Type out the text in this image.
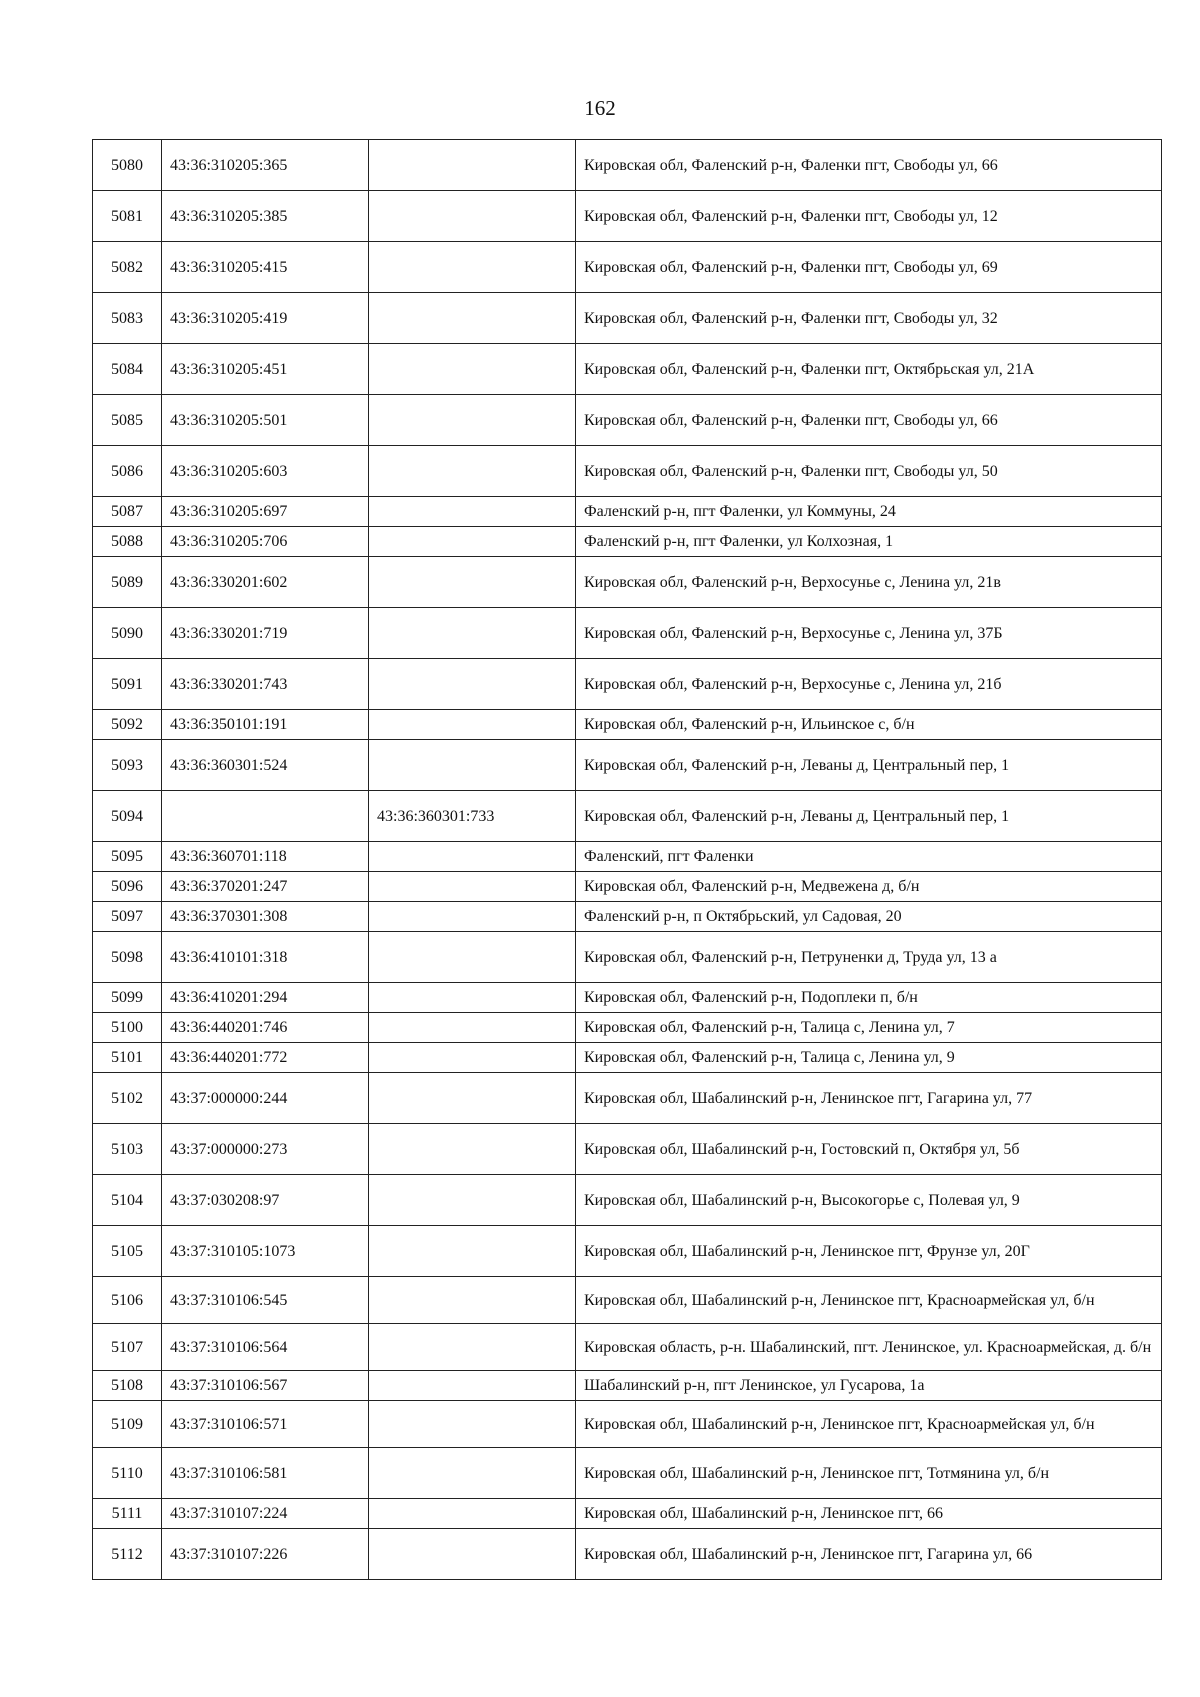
162
5080	43:36:310205:365		Кировская обл, Фаленский р-н, Фаленки пгт, Свободы ул, 66
5081	43:36:310205:385		Кировская обл, Фаленский р-н, Фаленки пгт, Свободы ул, 12
5082	43:36:310205:415		Кировская обл, Фаленский р-н, Фаленки пгт, Свободы ул, 69
5083	43:36:310205:419		Кировская обл, Фаленский р-н, Фаленки пгт, Свободы ул, 32
5084	43:36:310205:451		Кировская обл, Фаленский р-н, Фаленки пгт, Октябрьская ул, 21А
5085	43:36:310205:501		Кировская обл, Фаленский р-н, Фаленки пгт, Свободы ул, 66
5086	43:36:310205:603		Кировская обл, Фаленский р-н, Фаленки пгт, Свободы ул, 50
5087	43:36:310205:697		Фаленский р-н, пгт Фаленки, ул Коммуны, 24
5088	43:36:310205:706		Фаленский р-н, пгт Фаленки, ул Колхозная, 1
5089	43:36:330201:602		Кировская обл, Фаленский р-н, Верхосунье с, Ленина ул, 21в
5090	43:36:330201:719		Кировская обл, Фаленский р-н, Верхосунье с, Ленина ул, 37Б
5091	43:36:330201:743		Кировская обл, Фаленский р-н, Верхосунье с, Ленина ул, 21б
5092	43:36:350101:191		Кировская обл, Фаленский р-н, Ильинское с, б/н
5093	43:36:360301:524		Кировская обл, Фаленский р-н, Леваны д, Центральный пер, 1
5094		43:36:360301:733	Кировская обл, Фаленский р-н, Леваны д, Центральный пер, 1
5095	43:36:360701:118		Фаленский, пгт Фаленки
5096	43:36:370201:247		Кировская обл, Фаленский р-н, Медвежена д, б/н
5097	43:36:370301:308		Фаленский р-н, п Октябрьский, ул Садовая, 20
5098	43:36:410101:318		Кировская обл, Фаленский р-н, Петруненки д, Труда ул, 13 а
5099	43:36:410201:294		Кировская обл, Фаленский р-н, Подоплеки п, б/н
5100	43:36:440201:746		Кировская обл, Фаленский р-н, Талица с, Ленина ул, 7
5101	43:36:440201:772		Кировская обл, Фаленский р-н, Талица с, Ленина ул, 9
5102	43:37:000000:244		Кировская обл, Шабалинский р-н, Ленинское пгт, Гагарина ул, 77
5103	43:37:000000:273		Кировская обл, Шабалинский р-н, Гостовский п, Октября ул, 5б
5104	43:37:030208:97		Кировская обл, Шабалинский р-н, Высокогорье с, Полевая ул, 9
5105	43:37:310105:1073		Кировская обл, Шабалинский р-н, Ленинское пгт, Фрунзе ул, 20Г
5106	43:37:310106:545		Кировская обл, Шабалинский р-н, Ленинское пгт, Красноармейская ул, б/н
5107	43:37:310106:564		Кировская область, р-н. Шабалинский, пгт. Ленинское, ул. Красноармейская, д. б/н
5108	43:37:310106:567		Шабалинский р-н, пгт Ленинское, ул Гусарова, 1а
5109	43:37:310106:571		Кировская обл, Шабалинский р-н, Ленинское пгт, Красноармейская ул, б/н
5110	43:37:310106:581		Кировская обл, Шабалинский р-н, Ленинское пгт, Тотмянина ул, б/н
5111	43:37:310107:224		Кировская обл, Шабалинский р-н, Ленинское пгт, 66
5112	43:37:310107:226		Кировская обл, Шабалинский р-н, Ленинское пгт, Гагарина ул, 66
